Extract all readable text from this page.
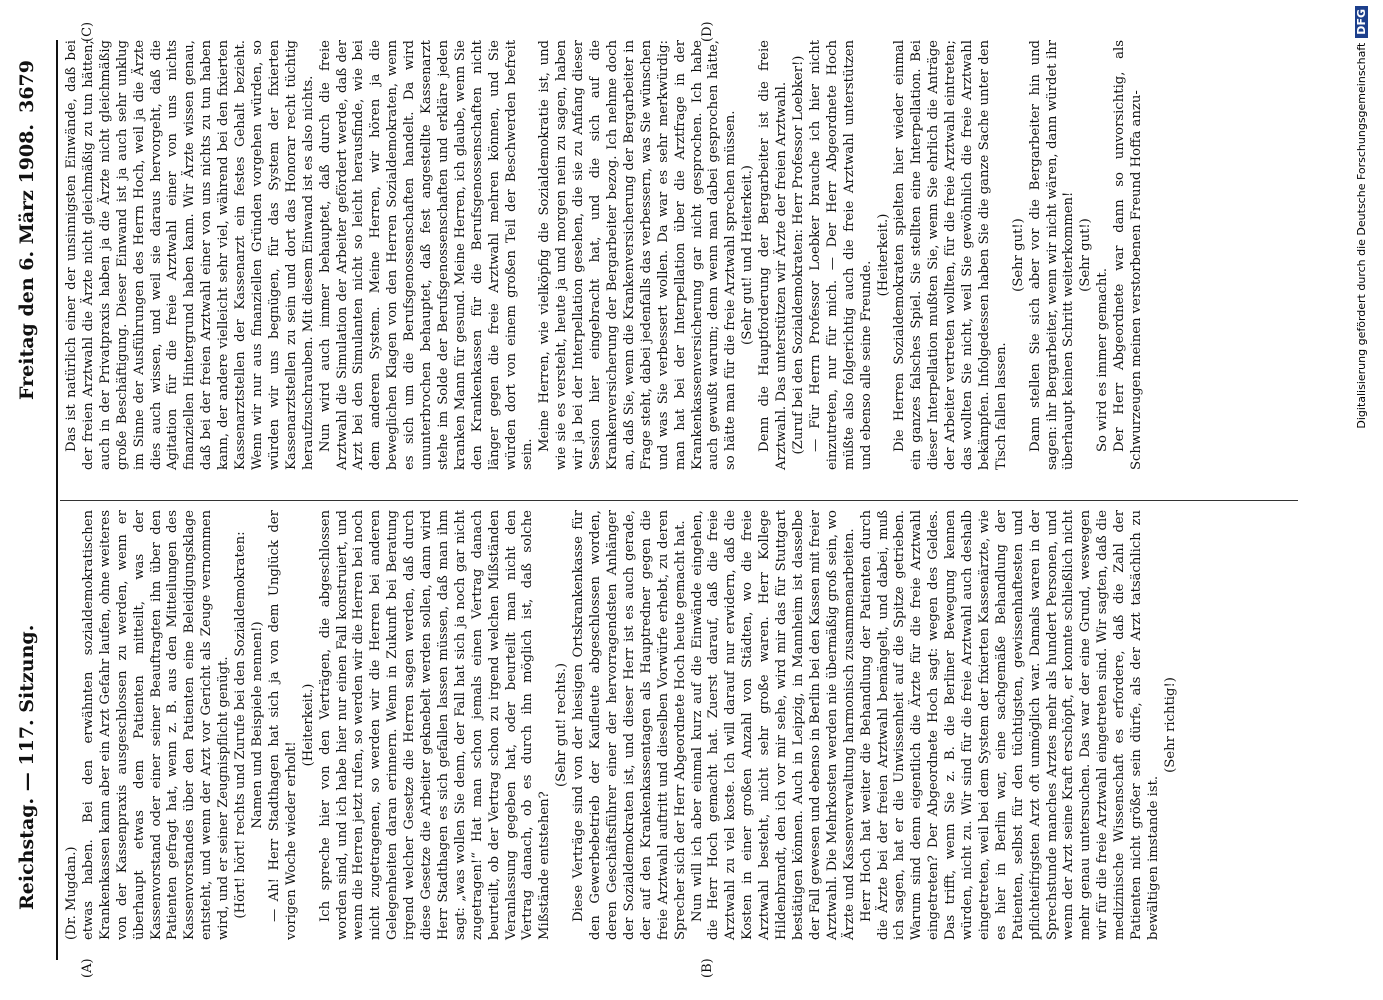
Reichstag. — 117. Sitzung.
Freitag den 6. März 1908.
3679
(A)	(B)
(C)	(D)

(Dr. Mugdan.) etwas haben. Bei den erwähnten sozialdemokratischen Krankenkassen kann aber ein Arzt Gefahr laufen, ohne weiteres von der Kassenpraxis ausgeschlossen zu werden, wenn er überhaupt etwas dem Patienten mitteilt, was der Kassenvorstand oder einer seiner Beauftragten ihn über den Patienten gefragt hat, wenn z. B. aus den Mitteilungen des Kassenvorstandes über den Patienten eine Beleidigungsklage entsteht, und wenn der Arzt vor Gericht als Zeuge vernommen wird, und er seiner Zeugnispflicht genügt. (Hört! hört! rechts und Zurufe bei den Sozialdemokraten: Namen und Beispiele nennen!) — Ah! Herr Stadthagen hat sich ja von dem Unglück der vorigen Woche wieder erholt!

(Heiterkeit.) Ich spreche hier von den Verträgen, die abgeschlossen worden sind, und ich habe hier nur einen Fall konstruiert, und wenn die Herren jetzt rufen, so werden wir die Herren bei noch nicht zugetragenen, so werden wir die Herren bei anderen Gelegenheiten daran erinnern. Wenn in Zukunft bei Beratung irgend welcher Gesetze die Herren sagen werden, daß durch diese Gesetze die Arbeiter geknebelt werden sollen, dann wird Herr Stadthagen es sich gefallen lassen müssen, daß man ihm sagt: „was wollen Sie denn, der Fall hat sich ja noch gar nicht zugetragen!“ Hat man schon jemals einen Vertrag danach beurteilt, ob der Vertrag schon zu irgend welchen Mißständen Veranlassung gegeben hat, oder beurteilt man nicht den Vertrag danach, ob es durch ihn möglich ist, daß solche Mißstände entstehen?

(Sehr gut! rechts.) Diese Verträge sind von der hiesigen Ortskrankenkasse für den Gewerbebetrieb der Kaufleute abgeschlossen worden, deren Geschäftsführer einer der hervorragendsten Anhänger der Sozialdemokraten ist, und dieser Herr ist es auch gerade, der auf den Krankenkassentagen als Hauptredner gegen die freie Arztwahl auftritt und dieselben Vorwürfe erhebt, zu deren Sprecher sich der Herr Abgeordnete Hoch heute gemacht hat. Nun will ich aber einmal kurz auf die Einwände eingehen, die Herr Hoch gemacht hat. Zuerst darauf, daß die freie Arztwahl zu viel koste. Ich will darauf nur erwidern, daß die Kosten in einer großen Anzahl von Städten, wo die freie Arztwahl besteht, nicht sehr große waren. Herr Kollege Hildenbrandt, den ich vor mir sehe, wird mir das für Stuttgart bestätigen können. Auch in Leipzig, in Mannheim ist dasselbe der Fall gewesen und ebenso in Berlin bei den Kassen mit freier Arztwahl. Die Mehrkosten werden nie übermäßig groß sein, wo Ärzte und Kassenverwaltung harmonisch zusammenarbeiten. Herr Hoch hat weiter die Behandlung der Patienten durch die Ärzte bei der freien Arztwahl bemängelt, und dabei, muß ich sagen, hat er die Unwissenheit auf die Spitze getrieben. Warum sind denn eigentlich die Ärzte für die freie Arztwahl eingetreten? Der Abgeordnete Hoch sagt: wegen des Geldes. Das trifft, wenn Sie z. B. die Berliner Bewegung kennen würden, nicht zu. Wir sind für die freie Arztwahl auch deshalb eingetreten, weil bei dem System der fixierten Kassenärzte, wie es hier in Berlin war, eine sachgemäße Behandlung der Patienten, selbst für den tüchtigsten, gewissenhaftesten und pflichteifrigsten Arzt oft unmöglich war. Damals waren in der Sprechstunde manches Arztes mehr als hundert Personen, und wenn der Arzt seine Kraft erschöpft, er konnte schließlich nicht mehr genau untersuchen. Das war der eine Grund, weswegen wir für die freie Arztwahl eingetreten sind. Wir sagten, daß die medizinische Wissenschaft es erfordere, daß die Zahl der Patienten nicht größer sein dürfe, als der Arzt tatsächlich zu bewältigen imstande ist.

(Sehr richtig!)

Das ist natürlich einer der unsinnigsten Einwände, daß bei der freien Arztwahl die Ärzte nicht gleichmäßig zu tun hätten; auch in der Privatpraxis haben ja die Ärzte nicht gleichmäßig große Beschäftigung. Dieser Einwand ist ja auch sehr unklug im Sinne der Ausführungen des Herrn Hoch, weil ja die Ärzte dies auch wissen, und weil sie daraus hervorgeht, daß die Agitation für die freie Arztwahl einer von uns nichts finanziellen Hintergrund haben kann. Wir Ärzte wissen genau, daß bei der freien Arztwahl einer von uns nichts zu tun haben kann, der andere vielleicht sehr viel, während bei den fixierten Kassenarztstellen der Kassenarzt ein festes Gehalt bezieht. Wenn wir nur aus finanziellen Gründen vorgehen würden, so würden wir uns begnügen, für das System der fixierten Kassenarztstellen zu sein und dort das Honorar recht tüchtig heraufzuschrauben. Mit diesem Einwand ist es also nichts. Nun wird auch immer behauptet, daß durch die freie Arztwahl die Simulation der Arbeiter gefördert werde, daß der Arzt bei den Simulanten nicht so leicht herausfinde, wie bei dem anderen System. Meine Herren, wir hören ja die beweglichen Klagen von den Herren Sozialdemokraten, wenn es sich um die Berufsgenossenschaften handelt. Da wird ununterbrochen behauptet, daß fest angestellte Kassenarzt stehe im Solde der Berufsgenossenschaften und erkläre jeden kranken Mann für gesund. Meine Herren, ich glaube, wenn Sie den Krankenkassen für die Berufsgenossenschaften nicht länger gegen die freie Arztwahl mehren können, und Sie würden dort von einem großen Teil der Beschwerden befreit sein.

Meine Herren, wie vielköpfig die Sozialdemokratie ist, und wie sie es versteht, heute ja und morgen nein zu sagen, haben wir ja bei der Interpellation gesehen, die sie zu Anfang dieser Session hier eingebracht hat, und die sich auf die Krankenversicherung der Bergarbeiter bezog. Ich nehme doch an, daß Sie, wenn die Krankenversicherung der Bergarbeiter in Frage steht, dabei jedenfalls das verbessern, was Sie wünschen und was Sie verbessert wollen. Da war es sehr merkwürdig: man hat bei der Interpellation über die Arztfrage in der Krankenkassenversicherung gar nicht gesprochen. Ich habe auch gewußt warum; denn wenn man dabei gesprochen hätte, so hätte man für die freie Arztwahl sprechen müssen. (Sehr gut! und Heiterkeit.) Denn die Hauptforderung der Bergarbeiter ist die freie Arztwahl. Das unterstützen wir Ärzte der freien Arztwahl. (Zuruf bei den Sozialdemokraten: Herr Professor Loebker!) — Für Herrn Professor Loebker brauche ich hier nicht einzutreten, nur für mich. — Der Herr Abgeordnete Hoch müßte also folgerichtig auch die freie Arztwahl unterstützen und ebenso alle seine Freunde.

(Heiterkeit.) Die Herren Sozialdemokraten spielten hier wieder einmal ein ganzes falsches Spiel. Sie stellten eine Interpellation. Bei dieser Interpellation mußten Sie, wenn Sie ehrlich die Anträge der Arbeiter vertreten wollten, für die freie Arztwahl eintreten; das wollten Sie nicht, weil Sie gewöhnlich die freie Arztwahl bekämpfen. Infolgedessen haben Sie die ganze Sache unter den Tisch fallen lassen.

(Sehr gut!) Dann stellen Sie sich aber vor die Bergarbeiter hin und sagen: ihr Bergarbeiter, wenn wir nicht wären, dann würdet ihr überhaupt keinen Schritt weiterkommen! (Sehr gut!)

So wird es immer gemacht. Der Herr Abgeordnete war dann so unvorsichtig, als Schwurzeugen meinen verstorbenen Freund Hoffa anzu-	Digitalisierung gefördert durch die Deutsche ForschungsgemeinschaftDFG
